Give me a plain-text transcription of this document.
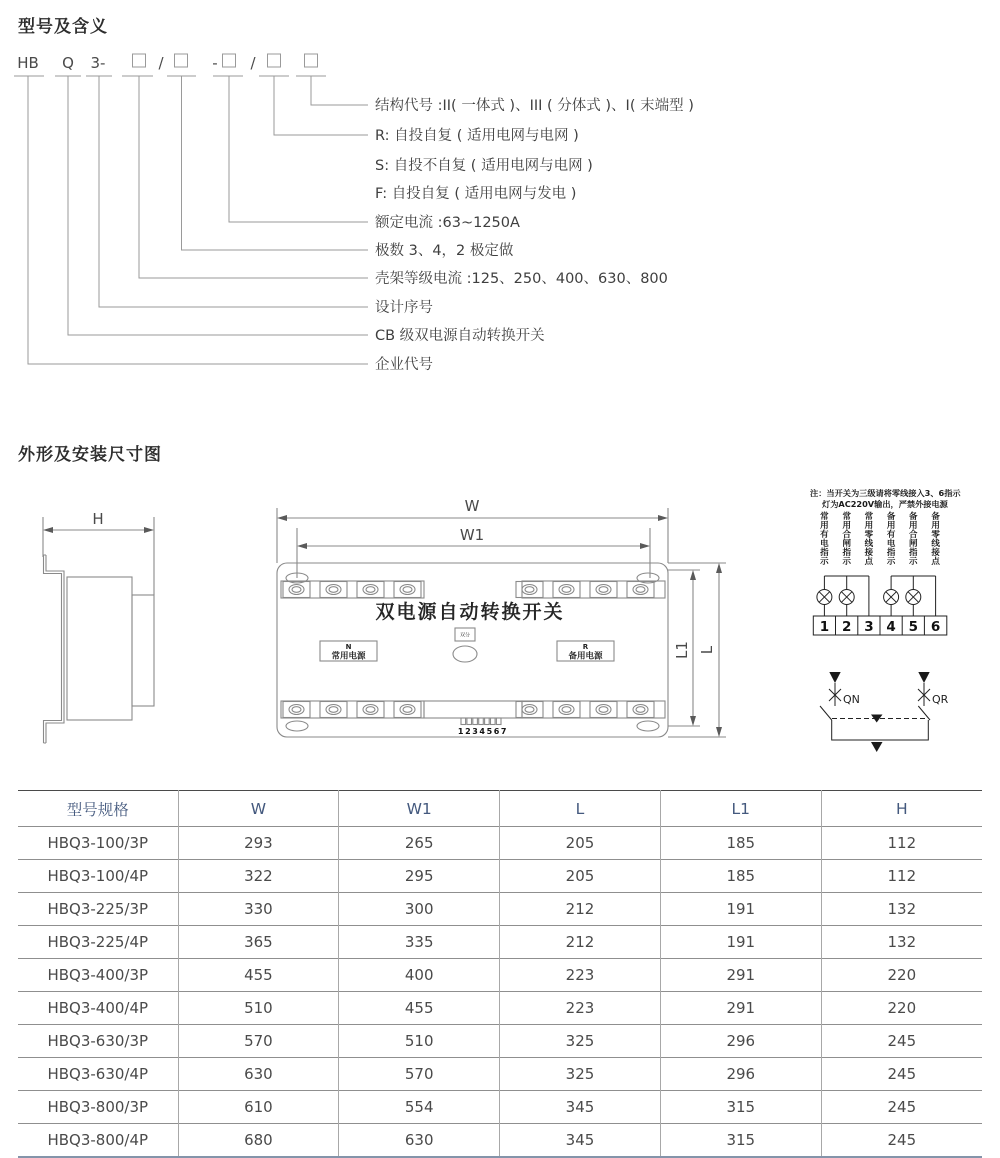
型号及含义
外形及安装尺寸图
HB Q 3-	/	- /
结构代号 :II( 一体式 )、III ( 分体式 )、I( 末端型 )
R: 自投自复 ( 适用电网与电网 )
S: 自投不自复 ( 适用电网与电网 )
F: 自投自复 ( 适用电网与发电 )
额定电流 :63~1250A
极数 3、4，2 极定做
壳架等级电流 :125、250、400、630、800
设计序号
CB 级双电源自动转换开关
企业代号
H
W
W1
双电源自动转换开关
双分
N
常用电源
R
备用电源
1234567
L1 L
注：当开关为三级请将零线接入3、6指示
灯为AC220V输出，严禁外接电源
常用有电指示
常用合闸指示
常用零线接点
备用有电指示
备用合闸指示
备用零线接点
1 2 3 4 5 6
QN	QR
型号规格	W	W1	L	L1	H
HBQ3-100/3P	293	265	205	185	112
HBQ3-100/4P	322	295	205	185	112
HBQ3-225/3P	330	300	212	191	132
HBQ3-225/4P	365	335	212	191	132
HBQ3-400/3P	455	400	223	291	220
HBQ3-400/4P	510	455	223	291	220
HBQ3-630/3P	570	510	325	296	245
HBQ3-630/4P	630	570	325	296	245
HBQ3-800/3P	610	554	345	315	245
HBQ3-800/4P	680	630	345	315	245
